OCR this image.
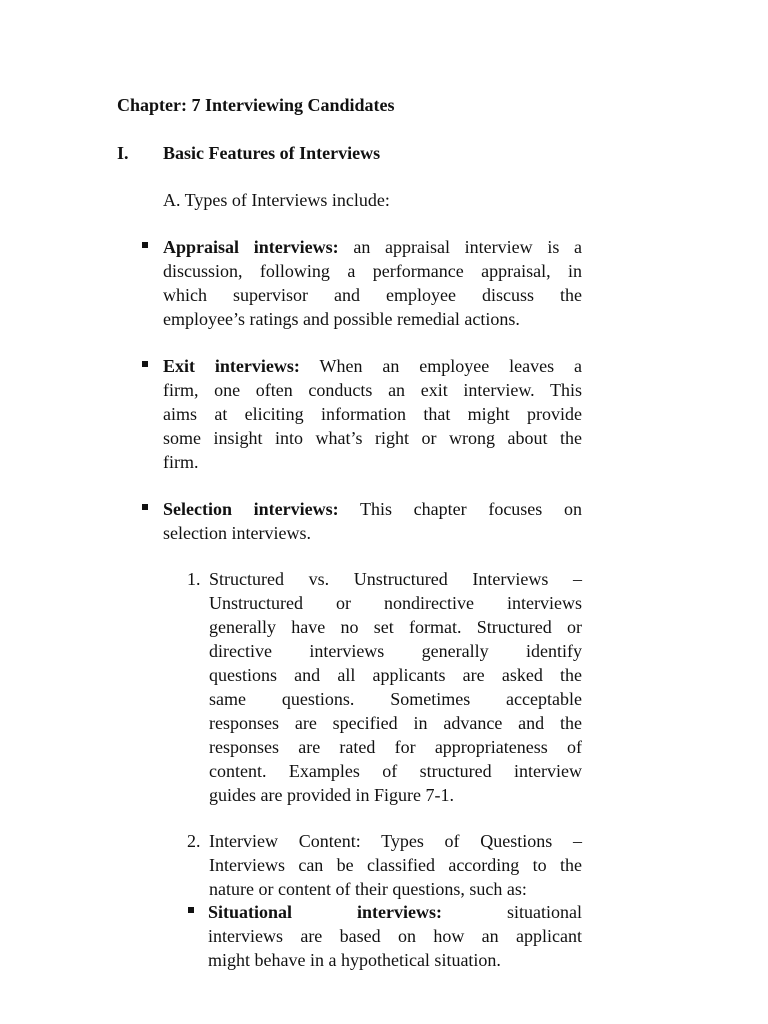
Chapter: 7 Interviewing Candidates
I. Basic Features of Interviews
A. Types of Interviews include:
Appraisal interviews: an appraisal interview is a
discussion, following a performance appraisal, in
which supervisor and employee discuss the
employee’s ratings and possible remedial actions.
Exit interviews: When an employee leaves a
firm, one often conducts an exit interview. This
aims at eliciting information that might provide
some insight into what’s right or wrong about the
firm.
Selection interviews: This chapter focuses on
selection interviews.
1. Structured vs. Unstructured Interviews –
Unstructured or nondirective interviews
generally have no set format. Structured or
directive interviews generally identify
questions and all applicants are asked the
same questions. Sometimes acceptable
responses are specified in advance and the
responses are rated for appropriateness of
content. Examples of structured interview
guides are provided in Figure 7-1.
2. Interview Content: Types of Questions –
Interviews can be classified according to the
nature or content of their questions, such as:
Situational	interviews:	situational
interviews are based on how an applicant
might behave in a hypothetical situation.
